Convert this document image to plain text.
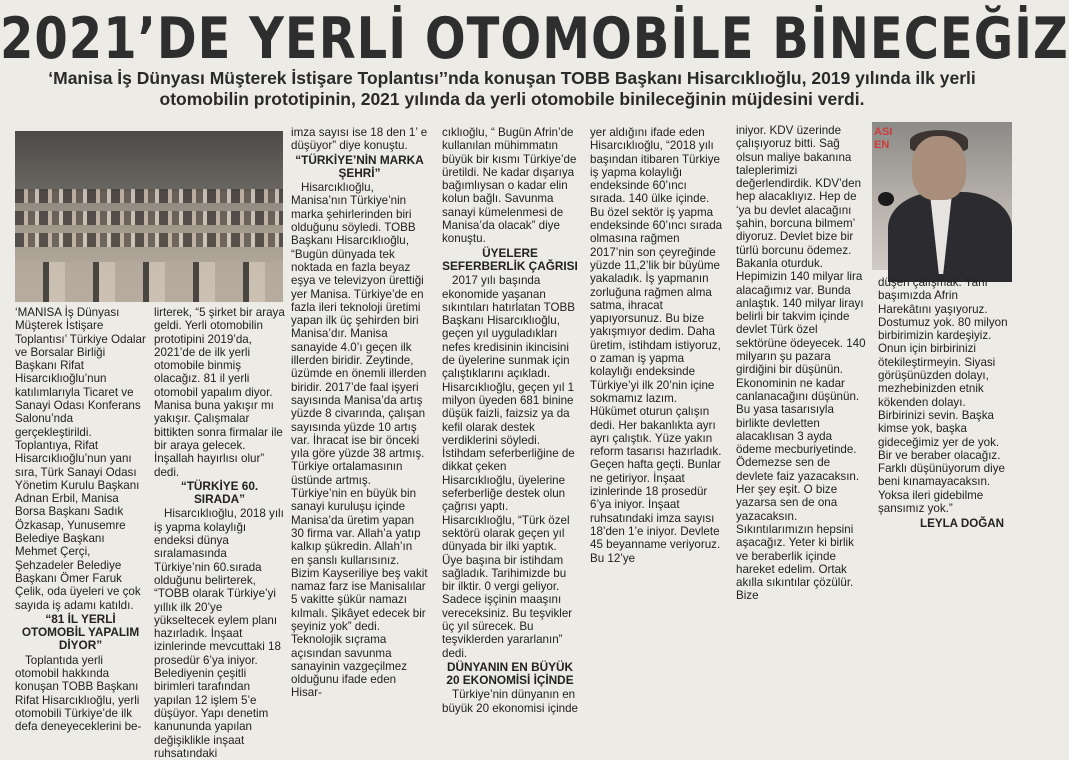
2021’DE YERLİ OTOMOBİLE BİNECEĞİZ
‘Manisa İş Dünyası Müşterek İstişare Toplantısı’’nda konuşan TOBB Başkanı Hisarcıklıoğlu, 2019 yılında ilk yerli otomobilin prototipinin, 2021 yılında da yerli otomobile binileceğinin müjdesini verdi.
ASI
EN

‘MANISA İş Dünyası Müşterek İstişare Toplantısı’ Türkiye Odalar ve Borsalar Birliği Başkanı Rifat Hisarcıklıoğlu’nun katılımlarıyla Ticaret ve Sanayi Odası Konferans Salonu’nda gerçekleştirildi. Toplantıya, Rifat Hisarcıklıoğlu’nun yanı sıra, Türk Sanayi Odası Yönetim Kurulu Başkanı Adnan Erbil, Manisa Borsa Başkanı Sadık Özkasap, Yunusemre Belediye Başkanı Mehmet Çerçi, Şehzadeler Belediye Başkanı Ömer Faruk Çelik, oda üyeleri ve çok sayıda iş adamı katıldı.

“81 İL YERLİ OTOMOBİL YAPALIM DİYOR”

Toplantıda yerli otomobil hakkında konuşan TOBB Başkanı Rifat Hisarcıklıoğlu, yerli otomobili Türkiye’de ilk defa deneyeceklerini be-

lirterek, “5 şirket bir araya geldi. Yerli otomobilin prototipini 2019’da, 2021’de de ilk yerli otomobile binmiş olacağız. 81 il yerli otomobil yapalım diyor. Manisa buna yakışır mı yakışır. Çalışmalar bittikten sonra firmalar ile bir araya gelecek. İnşallah hayırlısı olur” dedi.

“TÜRKİYE 60. SIRADA”

Hisarcıklıoğlu, 2018 yılı iş yapma kolaylığı endeksi dünya sıralamasında Türkiye’nin 60.sırada olduğunu belirterek, “TOBB olarak Türkiye’yi yıllık ilk 20’ye yükseltecek eylem planı hazırladık. İnşaat izinlerinde mevcuttaki 18 prosedür 6’ya iniyor. Belediyenin çeşitli birimleri tarafından yapılan 12 işlem 5’e düşüyor. Yapı denetim kanununda yapılan değişiklikle inşaat ruhsatındaki

imza sayısı ise 18 den 1’ e düşüyor” diye konuştu.

“TÜRKİYE’NİN MARKA ŞEHRİ”

Hisarcıklıoğlu, Manisa’nın Türkiye’nin marka şehirlerinden biri olduğunu söyledi. TOBB Başkanı Hisarcıklıoğlu, “Bugün dünyada tek noktada en fazla beyaz eşya ve televizyon ürettiği yer Manisa. Türkiye’de en fazla ileri teknoloji üretimi yapan ilk üç şehirden biri Manisa’dır. Manisa sanayide 4.0’ı geçen ilk illerden biridir. Zeytinde, üzümde en önemli illerden biridir. 2017’de faal işyeri sayısında Manisa’da artış yüzde 8 civarında, çalışan sayısında yüzde 10 artış var. İhracat ise bir önceki yıla göre yüzde 38 artmış. Türkiye ortalamasının üstünde artmış. Türkiye’nin en büyük bin sanayi kuruluşu içinde Manisa’da üretim yapan 30 firma var. Allah’a yatıp kalkıp şükredin. Allah’ın en şanslı kullarısınız. Bizim Kayseriliye beş vakit namaz farz ise Manisalılar 5 vakitte şükür namazı kılmalı. Şikâyet edecek bir şeyiniz yok” dedi. Teknolojik sıçrama açısından savunma sanayinin vazgeçilmez olduğunu ifade eden Hisar-

cıklıoğlu, “ Bugün Afrin’de kullanılan mühimmatın büyük bir kısmı Türkiye’de üretildi. Ne kadar dışarıya bağımlıysan o kadar elin kolun bağlı. Savunma sanayi kümelenmesi de Manisa’da olacak” diye konuştu.

ÜYELERE SEFERBERLİK ÇAĞRISI

2017 yılı başında ekonomide yaşanan sıkıntıları hatırlatan TOBB Başkanı Hisarcıklıoğlu, geçen yıl uyguladıkları nefes kredisinin ikincisini de üyelerine sunmak için çalıştıklarını açıkladı. Hisarcıklıoğlu, geçen yıl 1 milyon üyeden 681 binine düşük faizli, faizsiz ya da kefil olarak destek verdiklerini söyledi. İstihdam seferberliğine de dikkat çeken Hisarcıklıoğlu, üyelerine seferberliğe destek olun çağrısı yaptı. Hisarcıklıoğlu, “Türk özel sektörü olarak geçen yıl dünyada bir ilki yaptık. Üye başına bir istihdam sağladık. Tarihimizde bu bir ilktir. 0 vergi geliyor. Sadece işçinin maaşını vereceksiniz. Bu teşvikler üç yıl sürecek. Bu teşviklerden yararlanın” dedi.

DÜNYANIN EN BÜYÜK 20 EKONOMİSİ İÇİNDE

Türkiye’nin dünyanın en büyük 20 ekonomisi içinde

yer aldığını ifade eden Hisarcıklıoğlu, “2018 yılı başından itibaren Türkiye iş yapma kolaylığı endeksinde 60’ıncı sırada. 140 ülke içinde. Bu özel sektör iş yapma endeksinde 60’ıncı sırada olmasına rağmen 2017’nin son çeyreğinde yüzde 11,2’lik bir büyüme yakaladık. İş yapmanın zorluğuna rağmen alma satma, ihracat yapıyorsunuz. Bu bize yakışmıyor dedim. Daha üretim, istihdam istiyoruz, o zaman iş yapma kolaylığı endeksinde Türkiye’yi ilk 20’nin içine sokmamız lazım. Hükümet oturun çalışın dedi. Her bakanlıkta ayrı ayrı çalıştık. Yüze yakın reform tasarısı hazırladık. Geçen hafta geçti. Bunlar ne getiriyor. İnşaat izinlerinde 18 prosedür 6’ya iniyor. İnşaat ruhsatındaki imza sayısı 18’den 1’e iniyor. Devlete 45 beyanname veriyoruz. Bu 12’ye

iniyor. KDV üzerinde çalışıyoruz bitti. Sağ olsun maliye bakanına taleplerimizi değerlendirdik. KDV’den hep alacaklıyız. Hep de ‘ya bu devlet alacağını şahin, borcuna bilmem’ diyoruz. Devlet bize bir türlü borcunu ödemez. Bakanla oturduk. Hepimizin 140 milyar lira alacağımız var. Bunda anlaştık. 140 milyar lirayı belirli bir takvim içinde devlet Türk özel sektörüne ödeyecek. 140 milyarın şu pazara girdiğini bir düşünün. Ekonominin ne kadar canlanacağını düşünün. Bu yasa tasarısıyla birlikte devletten alacaklısan 3 ayda ödeme mecburiyetinde. Ödemezse sen de devlete faiz yazacaksın. Her şey eşit. O bize yazarsa sen de ona yazacaksın. Sıkıntılarımızın hepsini aşacağız. Yeter ki birlik ve beraberlik içinde hareket edelim. Ortak akılla sıkıntılar çözülür. Bize

düşen çalışmak. Yanı başımızda Afrin Harekâtını yaşıyoruz. Dostumuz yok. 80 milyon birbirimizin kardeşiyiz. Onun için birbirinizi ötekileştirmeyin. Siyasi görüşünüzden dolayı, mezhebinizden etnik kökenden dolayı. Birbirinizi sevin. Başka kimse yok, başka gideceğimiz yer de yok. Bir ve beraber olacağız. Farklı düşünüyorum diye beni kınamayacaksın. Yoksa ileri gidebilme şansımız yok.”

LEYLA DOĞAN
